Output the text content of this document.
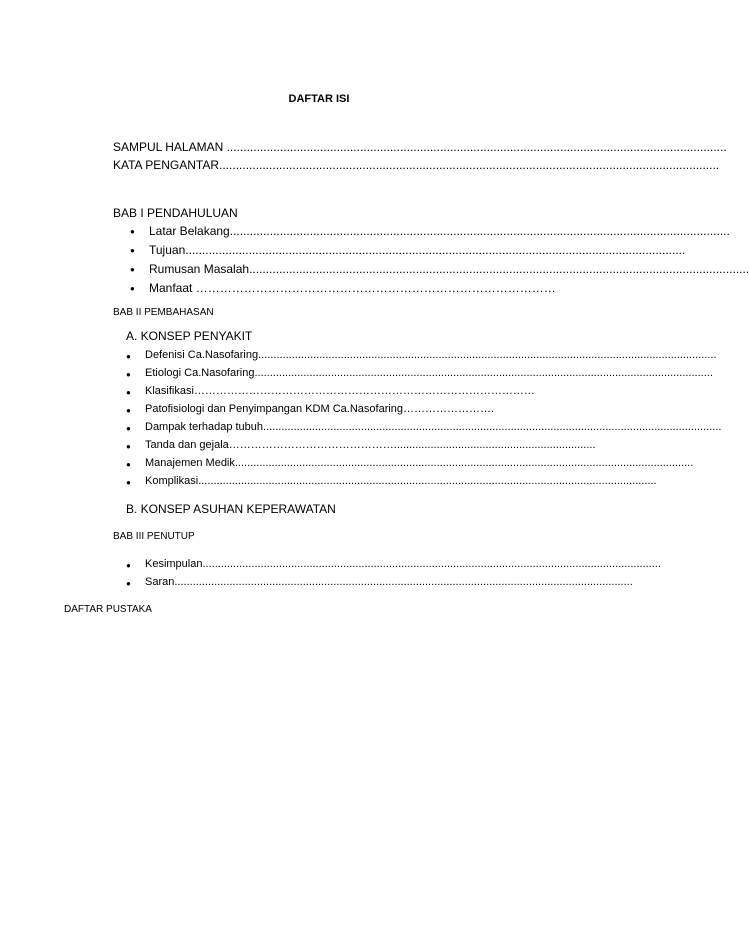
DAFTAR ISI
SAMPUL HALAMAN ......................................................................................................................................................
KATA PENGANTAR......................................................................................................................................................
BAB I PENDAHULUAN
● Latar Belakang......................................................................................................................................................
● Tujuan......................................................................................................................................................
● Rumusan Masalah......................................................................................................................................................
● Manfaat ………………………………………………………………………………
BAB II PEMBAHASAN
A. KONSEP PENYAKIT
● Defenisi Ca.Nasofaring......................................................................................................................................................
● Etiologi Ca.Nasofaring......................................................................................................................................................
● Klasifikasi…………………………………………………………………………………
● Patofisiologi dan Penyimpangan KDM Ca.Nasofaring…………………….
● Dampak terhadap tubuh......................................................................................................................................................
● Tanda dan gejala………………………………………..................................................................
● Manajemen Medik......................................................................................................................................................
● Komplikasi......................................................................................................................................................
B. KONSEP ASUHAN KEPERAWATAN
BAB III PENUTUP
● Kesimpulan......................................................................................................................................................
● Saran......................................................................................................................................................
DAFTAR PUSTAKA
